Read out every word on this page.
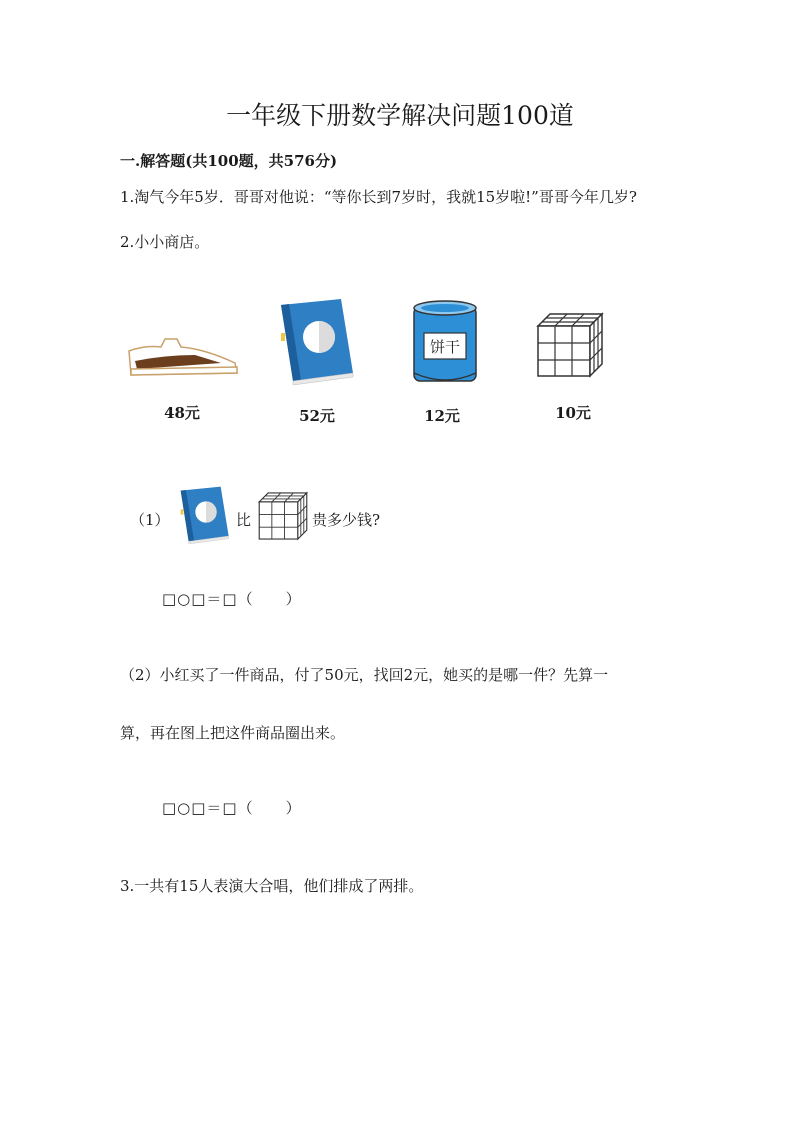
一年级下册数学解决问题100道
一.解答题(共100题，共576分)
1.淘气今年5岁．哥哥对他说：“等你长到7岁时，我就15岁啦!”哥哥今年几岁?
2.小小商店。
饼干
48元	52元	12元	10元
（1）	比	贵多少钱?
□○□＝□（　　）
（2）小红买了一件商品，付了50元，找回2元，她买的是哪一件？先算一
算，再在图上把这件商品圈出来。
□○□＝□（　　）
3.一共有15人表演大合唱，他们排成了两排。
